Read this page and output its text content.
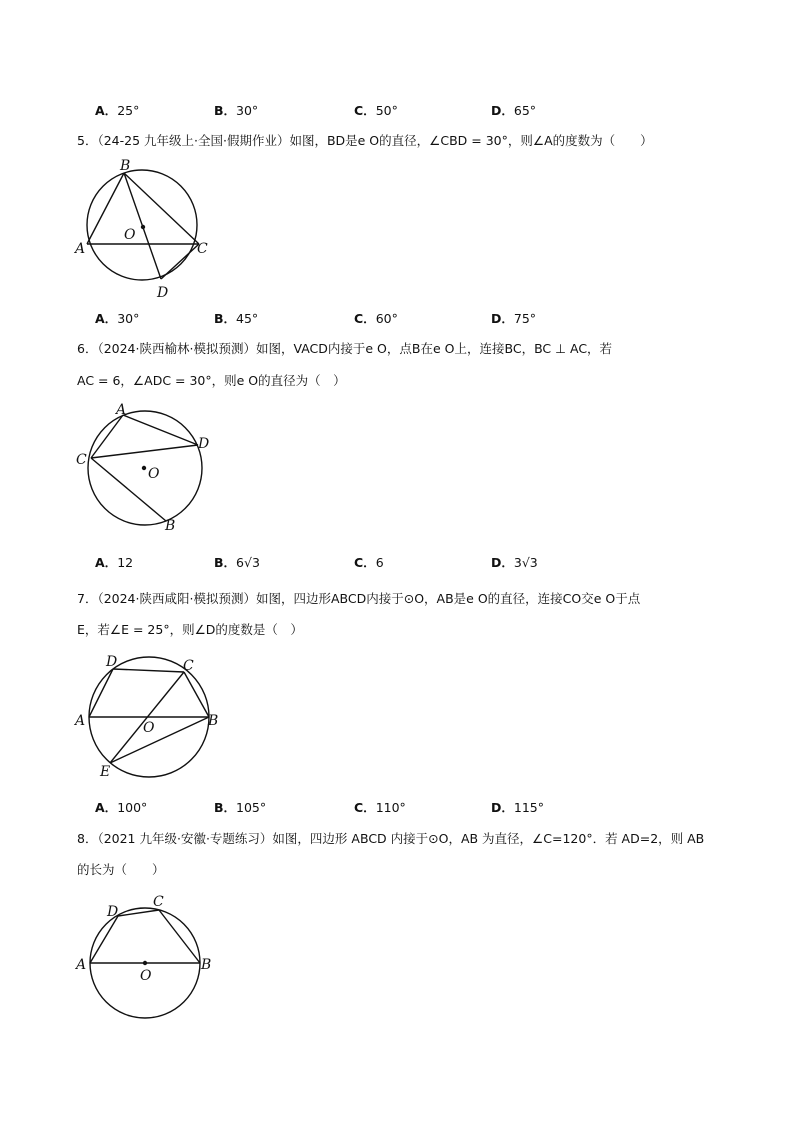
A．25°	B．30°	C．50°	D．65°
5．（24-25 九年级上·全国·假期作业）如图，BD是e O的直径，∠CBD = 30°，则∠A的度数为（　　）
B
A	C
D
O
A．30°	B．45°	C．60°	D．75°
6．（2024·陕西榆林·模拟预测）如图，VACD内接于e O，点B在e O上，连接BC，BC ⊥ AC，若
AC = 6，∠ADC = 30°，则e O的直径为（　）
A
D
C
O
B
A．12	B．6√3	C．6	D．3√3
7．（2024·陕西咸阳·模拟预测）如图，四边形ABCD内接于⊙O，AB是e O的直径，连接CO交e O于点
E，若∠E = 25°，则∠D的度数是（　）
D	C
A	B
O
E
A．100°	B．105°	C．110°	D．115°
8．（2021 九年级·安徽·专题练习）如图，四边形 ABCD 内接于⊙O，AB 为直径，∠C=120°．若 AD=2，则 AB
的长为（　　）
D
C
A	B
O
